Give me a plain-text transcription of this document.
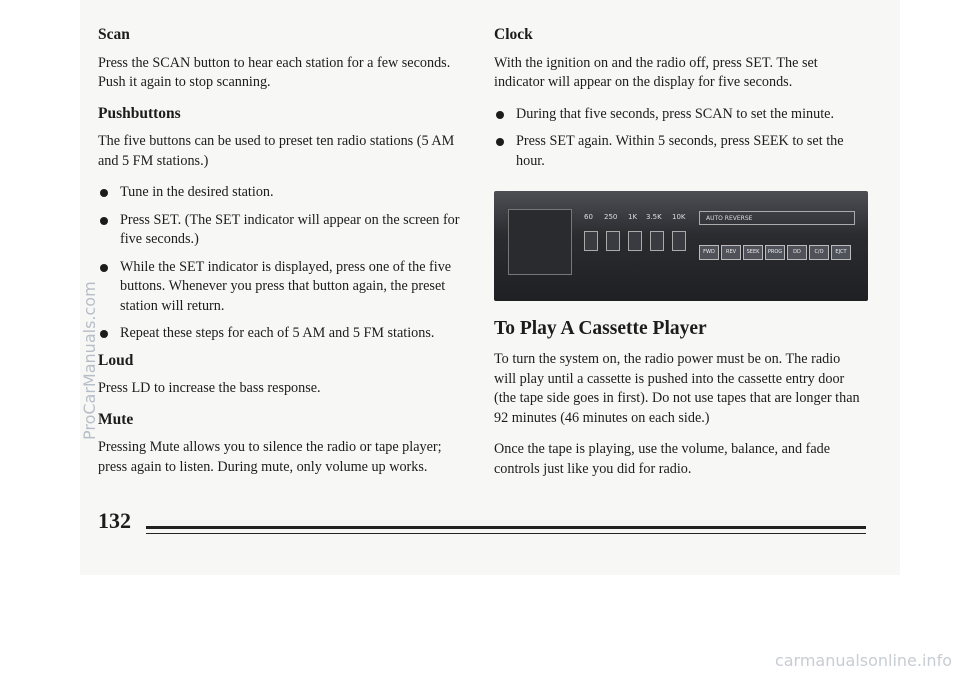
Scan

Press the SCAN button to hear each station for a few seconds. Push it again to stop scanning.

Pushbuttons

The five buttons can be used to preset ten radio stations (5 AM and 5 FM stations.)

Tune in the desired station.
Press SET. (The SET indicator will appear on the screen for five seconds.)
While the SET indicator is displayed, press one of the five buttons. Whenever you press that button again, the preset station will return.
Repeat these steps for each of 5 AM and 5 FM stations.
Loud

Press LD to increase the bass response.

Mute

Pressing Mute allows you to silence the radio or tape player; press again to listen. During mute, only volume up works.

Clock

With the ignition on and the radio off, press SET. The set indicator will appear on the display for five seconds.

During that five seconds, press SCAN to set the minute.
Press SET again. Within 5 seconds, press SEEK to set the hour.
60 250 1K 3.5K 10K	AUTO REVERSE
FWD	REV	SEEK	PROG	DD	C/O	EJCT
To Play A Cassette Player

To turn the system on, the radio power must be on. The radio will play until a cassette is pushed into the cassette entry door (the tape side goes in first). Do not use tapes that are longer than 92 minutes (46 minutes on each side.)

Once the tape is playing, use the volume, balance, and fade controls just like you did for radio.

132
ProCarManuals.com
carmanualsonline.info
